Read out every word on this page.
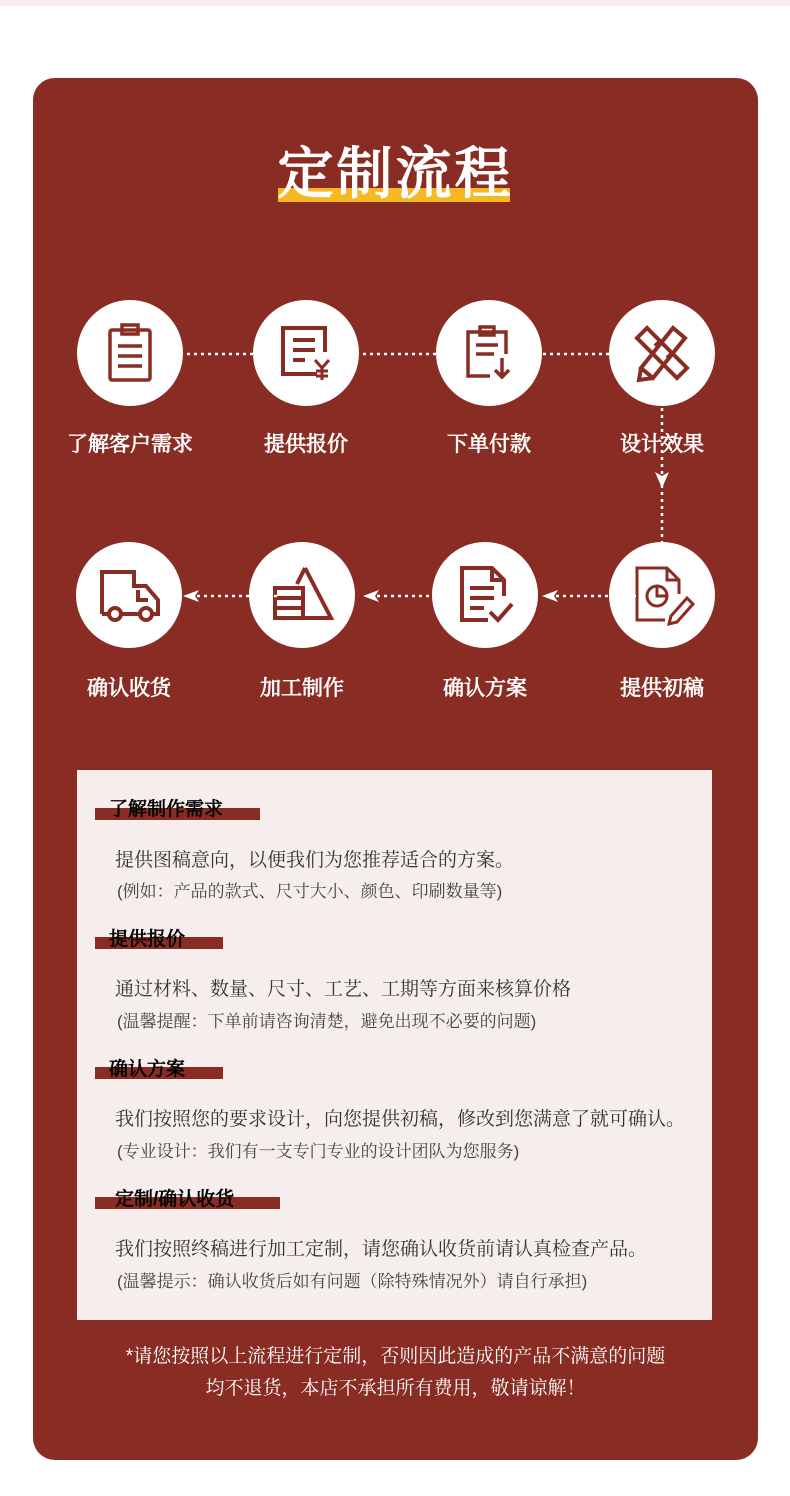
定制流程
了解客户需求	提供报价	下单付款	设计效果
提供初稿
确认方案
加工制作
确认收货
了解制作需求
提供图稿意向，以便我们为您推荐适合的方案。
(例如：产品的款式、尺寸大小、颜色、印刷数量等)
提供报价
通过材料、数量、尺寸、工艺、工期等方面来核算价格
(温馨提醒：下单前请咨询清楚，避免出现不必要的问题)
确认方案
我们按照您的要求设计，向您提供初稿，修改到您满意了就可确认。
(专业设计：我们有一支专门专业的设计团队为您服务)
定制/确认收货
我们按照终稿进行加工定制，请您确认收货前请认真检查产品。
(温馨提示：确认收货后如有问题（除特殊情况外）请自行承担)
*请您按照以上流程进行定制，否则因此造成的产品不满意的问题
均不退货，本店不承担所有费用，敬请谅解！
